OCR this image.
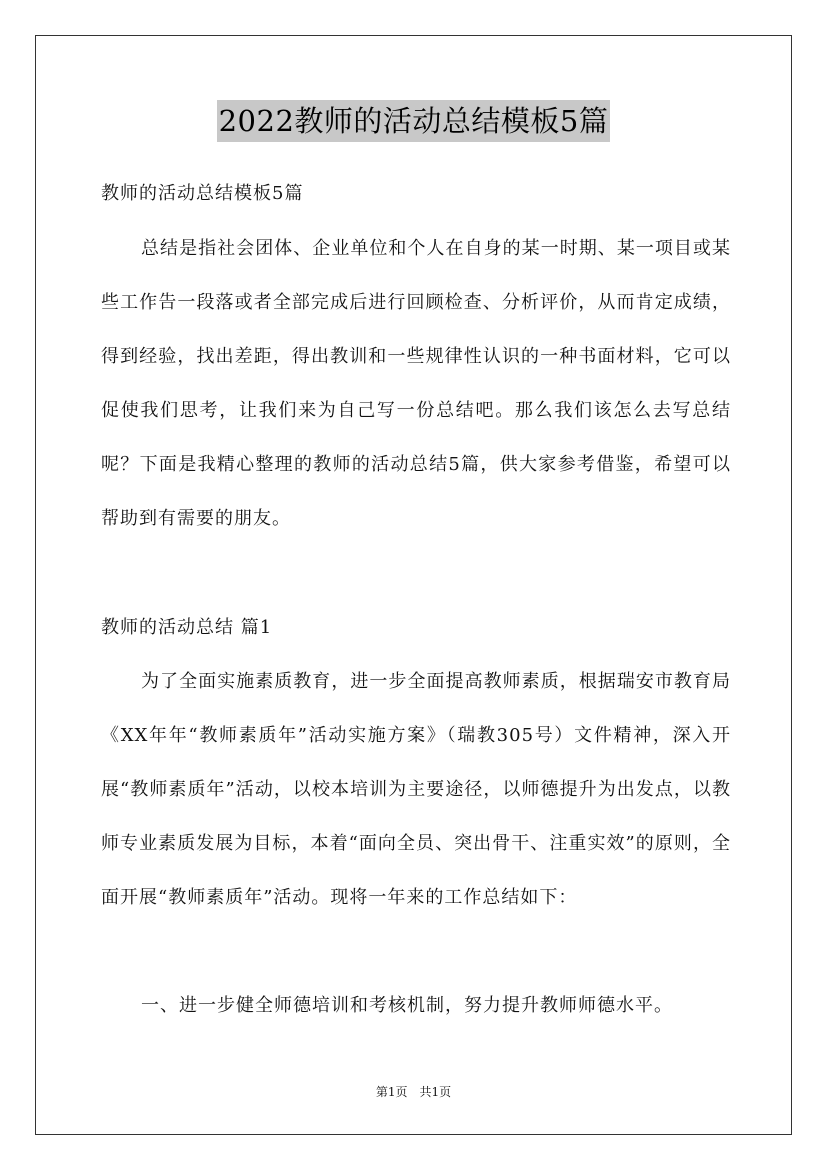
2022教师的活动总结模板5篇
教师的活动总结模板5篇

总结是指社会团体、企业单位和个人在自身的某一时期、某一项目或某些工作告一段落或者全部完成后进行回顾检查、分析评价，从而肯定成绩，得到经验，找出差距，得出教训和一些规律性认识的一种书面材料，它可以促使我们思考，让我们来为自己写一份总结吧。那么我们该怎么去写总结呢？下面是我精心整理的教师的活动总结5篇，供大家参考借鉴，希望可以帮助到有需要的朋友。

教师的活动总结 篇1

为了全面实施素质教育，进一步全面提高教师素质，根据瑞安市教育局《XX年年“教师素质年”活动实施方案》（瑞教305号）文件精神，深入开展“教师素质年”活动，以校本培训为主要途径，以师德提升为出发点，以教师专业素质发展为目标，本着“面向全员、突出骨干、注重实效”的原则，全面开展“教师素质年”活动。现将一年来的工作总结如下：

一、进一步健全师德培训和考核机制，努力提升教师师德水平。

第1页　共1页
